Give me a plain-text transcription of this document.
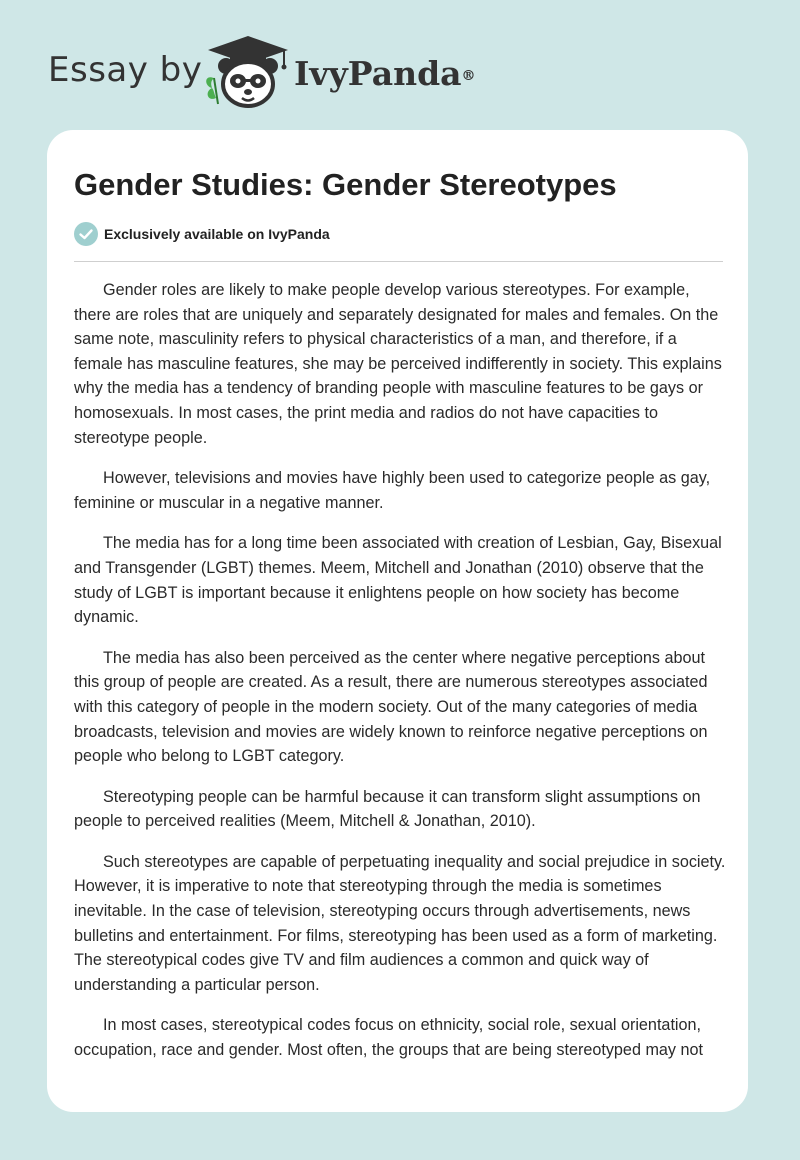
Essay by	IvyPanda®
Gender Studies: Gender Stereotypes
Exclusively available on IvyPanda

Gender roles are likely to make people develop various stereotypes. For example, there are roles that are uniquely and separately designated for males and females. On the same note, masculinity refers to physical characteristics of a man, and therefore, if a female has masculine features, she may be perceived indifferently in society. This explains why the media has a tendency of branding people with masculine features to be gays or homosexuals. In most cases, the print media and radios do not have capacities to stereotype people.

However, televisions and movies have highly been used to categorize people as gay, feminine or muscular in a negative manner.

The media has for a long time been associated with creation of Lesbian, Gay, Bisexual and Transgender (LGBT) themes. Meem, Mitchell and Jonathan (2010) observe that the study of LGBT is important because it enlightens people on how society has become dynamic.

The media has also been perceived as the center where negative perceptions about this group of people are created. As a result, there are numerous stereotypes associated with this category of people in the modern society. Out of the many categories of media broadcasts, television and movies are widely known to reinforce negative perceptions on people who belong to LGBT category.

Stereotyping people can be harmful because it can transform slight assumptions on people to perceived realities (Meem, Mitchell & Jonathan, 2010).

Such stereotypes are capable of perpetuating inequality and social prejudice in society. However, it is imperative to note that stereotyping through the media is sometimes inevitable. In the case of television, stereotyping occurs through advertisements, news bulletins and entertainment. For films, stereotyping has been used as a form of marketing. The stereotypical codes give TV and film audiences a common and quick way of understanding a particular person.

In most cases, stereotypical codes focus on ethnicity, social role, sexual orientation, occupation, race and gender. Most often, the groups that are being stereotyped may not
